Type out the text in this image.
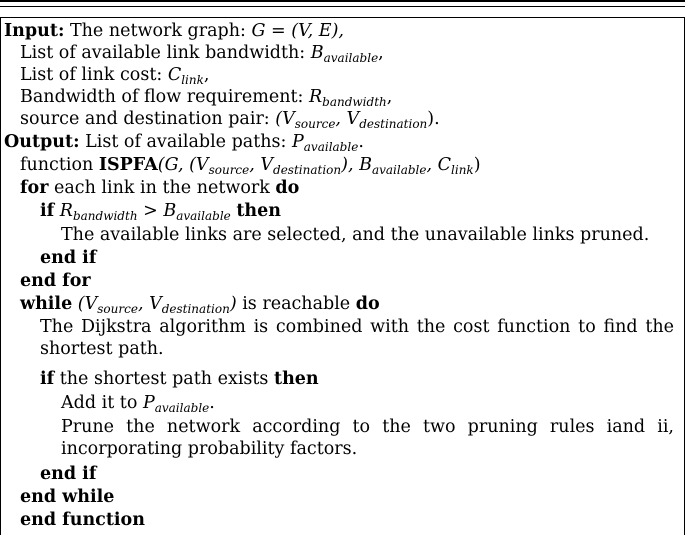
Input: The network graph: G = (V, E),
List of available link bandwidth: $B_{available}$,
List of link cost: $C_{link}$,
Bandwidth of flow requirement: $R_{bandwidth}$,
source and destination pair: ($V_{source}$, $V_{destination}$).
Output: List of available paths: $P_{available}$.
function ISPFA(G, ($V_{source}$, $V_{destination}$), $B_{available}$, $C_{link}$)
for each link in the network do
if $R_{bandwidth} > B_{available}$ then
The available links are selected, and the unavailable links pruned.
end if
end for
while ($V_{source}$, $V_{destination}$) is reachable do
The Dijkstra algorithm is combined with the cost function to find the shortest path.
if the shortest path exists then
Add it to $P_{available}$.
Prune the network according to the two pruning rules iand ii, incorporating probability factors.
end if
end while
end function
